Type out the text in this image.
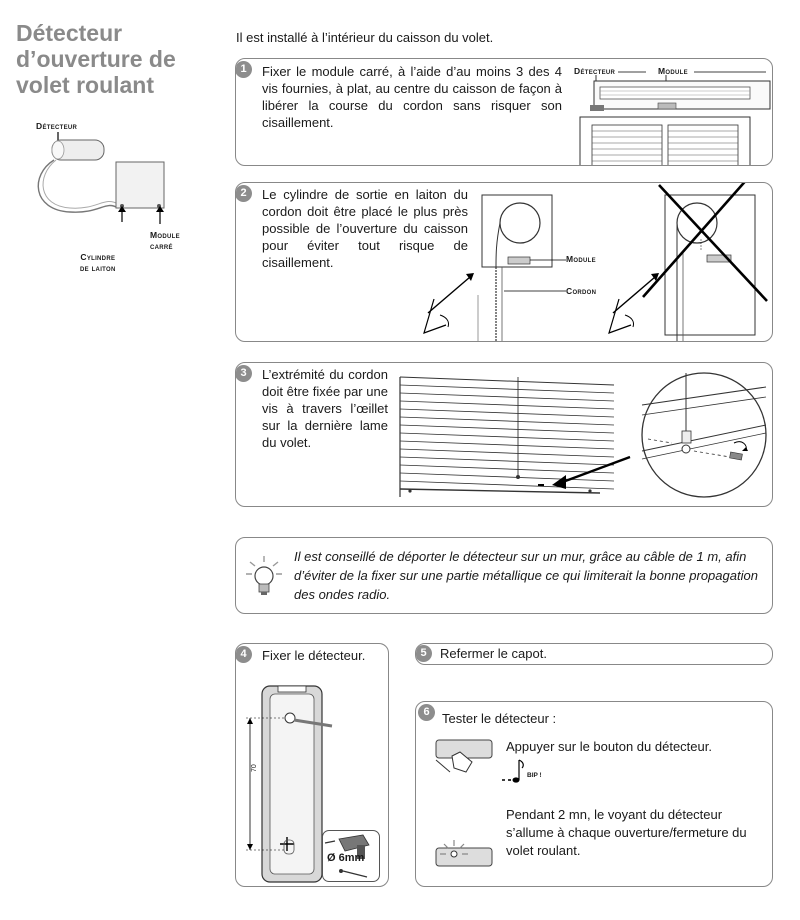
Détecteur d’ouverture de volet roulant
Détecteur
Module
carré
Cylindre
de laiton
Il est installé à l’intérieur du caisson du volet.
1	Fixer le module carré, à l’aide d’au moins 3 des 4 vis fournies, à plat, au centre du caisson de façon à libérer la course du cordon sans risquer son cisaillement.
Détecteur	Module
2	Le cylindre de sortie en laiton du cordon doit être placé le plus près possible de l’ouverture du caisson pour éviter tout risque de cisaillement.	Module
Cordon
3	L’extrémité du cordon doit être fixée par une vis à travers l’œillet sur la dernière lame du volet.
Il est conseillé de déporter le détecteur sur un mur, grâce au câble de 1 m, afin d’éviter de la fixer sur une partie métallique ce qui limiterait la bonne propagation des ondes radio.
4	Fixer le détecteur.
70
Ø 6mm
5	Refermer le capot.
6 Tester le détecteur :
Appuyer sur le bouton du détecteur.
BIP !
Pendant 2 mn, le voyant du détecteur s’allume à chaque ouverture/fermeture du volet roulant.
